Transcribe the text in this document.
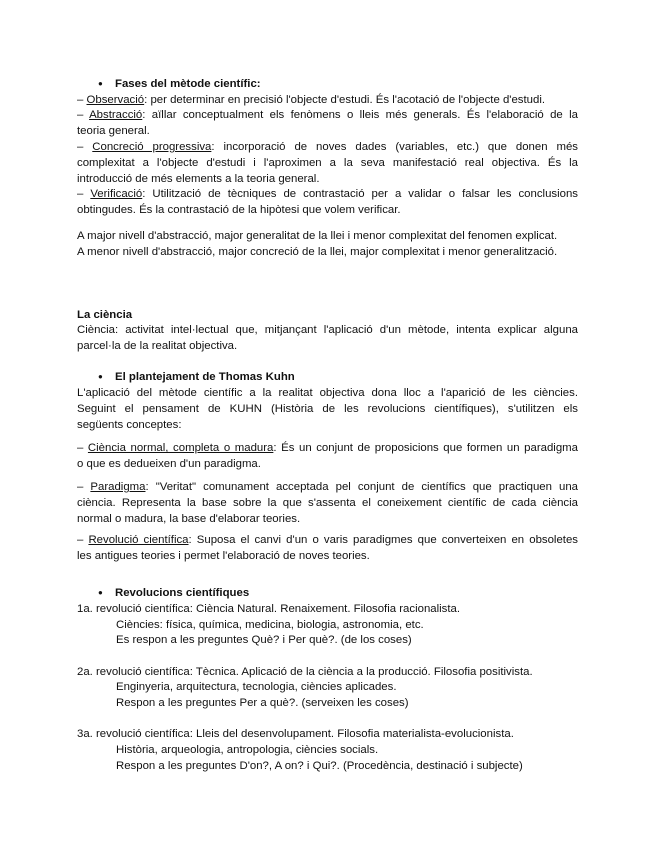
● Fases del mètode científic:
– Observació: per determinar en precisió l'objecte d'estudi. És l'acotació de l'objecte d'estudi.
– Abstracció: aïllar conceptualment els fenòmens o lleis més generals. És l'elaboració de la
teoria general.
– Concreció progressiva: incorporació de noves dades (variables, etc.) que donen més
complexitat a l'objecte d'estudi i l'aproximen a la seva manifestació real objectiva. És la
introducció de més elements a la teoria general.
– Verificació: Utilització de tècniques de contrastació per a validar o falsar les conclusions
obtingudes. És la contrastació de la hipòtesi que volem verificar.
A major nivell d'abstracció, major generalitat de la llei i menor complexitat del fenomen explicat.
A menor nivell d'abstracció, major concreció de la llei, major complexitat i menor generalització.
La ciència
Ciència: activitat intel·lectual que, mitjançant l'aplicació d'un mètode, intenta explicar alguna
parcel·la de la realitat objectiva.
● El plantejament de Thomas Kuhn
L'aplicació del mètode científic a la realitat objectiva dona lloc a l'aparició de les ciències.
Seguint el pensament de KUHN (Història de les revolucions científiques), s'utilitzen els
següents conceptes:
– Ciència normal, completa o madura: És un conjunt de proposicions que formen un paradigma
o que es dedueixen d'un paradigma.
– Paradigma: "Veritat" comunament acceptada pel conjunt de científics que practiquen una
ciència. Representa la base sobre la que s'assenta el coneixement científic de cada ciència
normal o madura, la base d'elaborar teories.
– Revolució científica: Suposa el canvi d'un o varis paradigmes que converteixen en obsoletes
les antigues teories i permet l'elaboració de noves teories.
● Revolucions científiques
1a. revolució científica: Ciència Natural. Renaixement. Filosofia racionalista.
Ciències: física, química, medicina, biologia, astronomia, etc.
Es respon a les preguntes Què? i Per què?. (de los coses)
2a. revolució científica: Tècnica. Aplicació de la ciència a la producció. Filosofia positivista.
Enginyeria, arquitectura, tecnologia, ciències aplicades.
Respon a les preguntes Per a què?. (serveixen les coses)
3a. revolució científica: Lleis del desenvolupament. Filosofia materialista-evolucionista.
Història, arqueologia, antropologia, ciències socials.
Respon a les preguntes D'on?, A on? i Qui?. (Procedència, destinació i subjecte)
